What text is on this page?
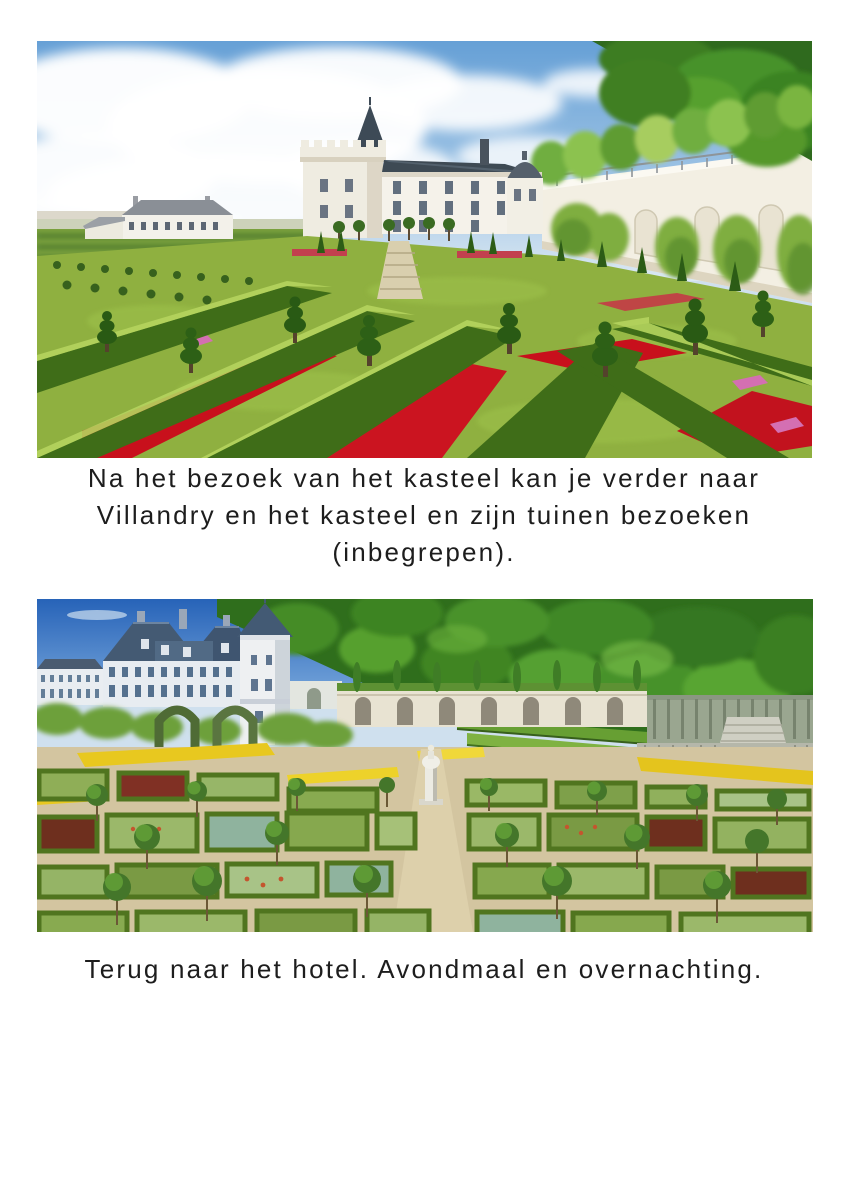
Na het bezoek van het kasteel kan je verder naar
Villandry en het kasteel en zijn tuinen bezoeken
(inbegrepen).
Terug naar het hotel. Avondmaal en overnachting.
